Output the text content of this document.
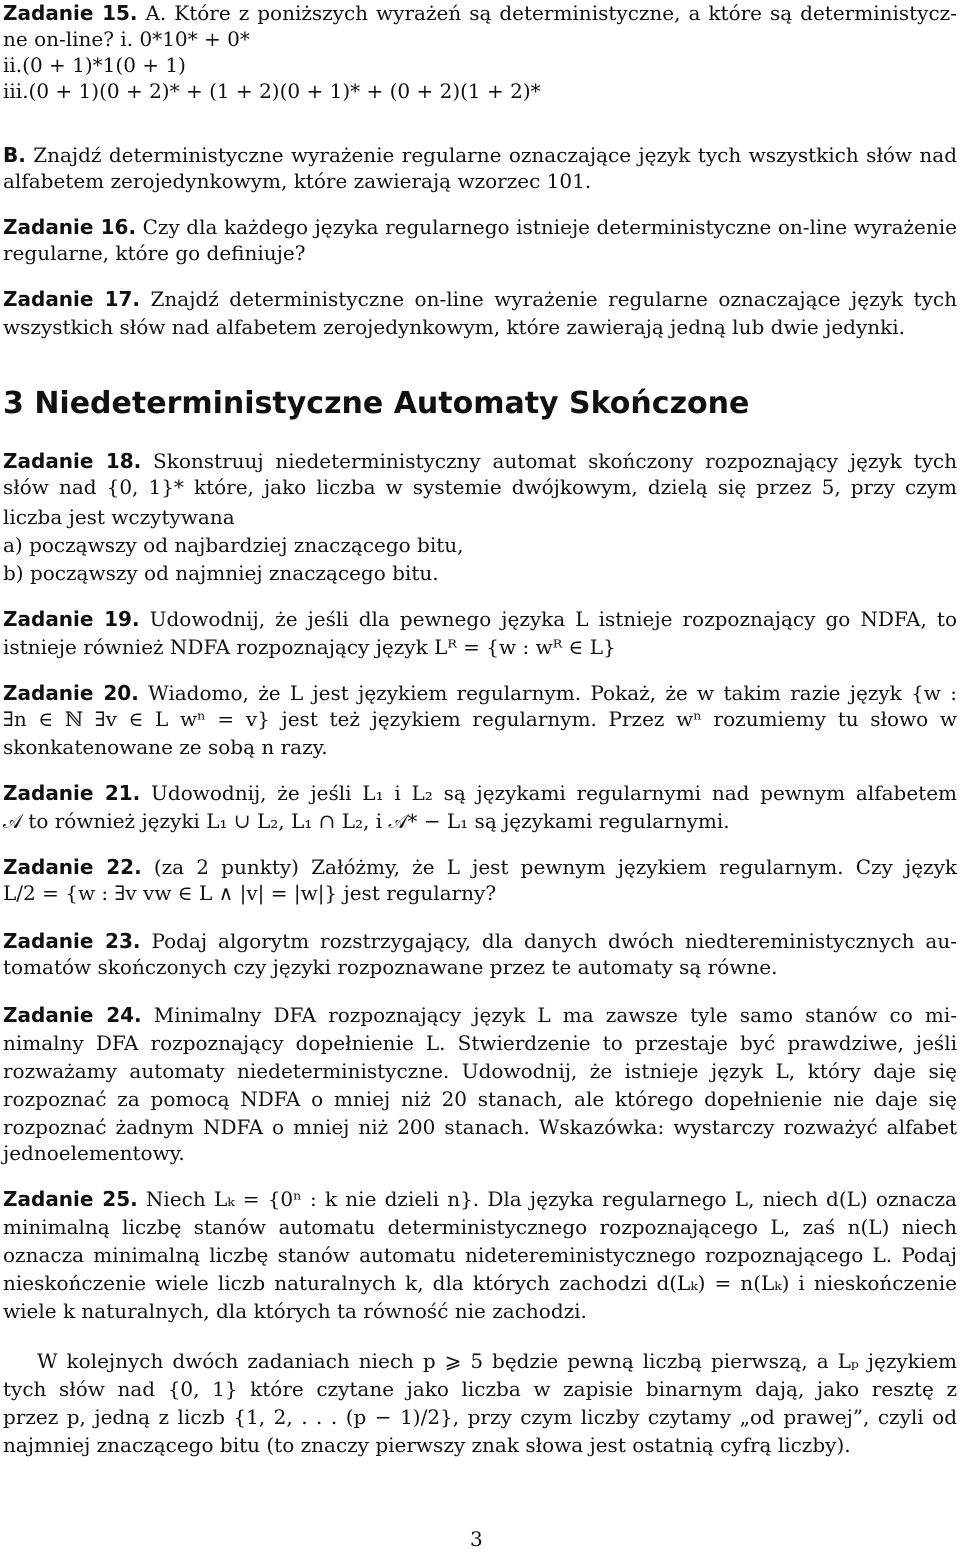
Zadanie 15. A. Które z poniższych wyrażeń są deterministyczne, a które są deterministycz-
ne on-line? i. 0*10* + 0*
ii.(0 + 1)*1(0 + 1)
iii.(0 + 1)(0 + 2)* + (1 + 2)(0 + 1)* + (0 + 2)(1 + 2)*
B. Znajdź deterministyczne wyrażenie regularne oznaczające język tych wszystkich słów nad
alfabetem zerojedynkowym, które zawierają wzorzec 101.
Zadanie 16. Czy dla każdego języka regularnego istnieje deterministyczne on-line wyrażenie
regularne, które go definiuje?
Zadanie 17. Znajdź deterministyczne on-line wyrażenie regularne oznaczające język tych
wszystkich słów nad alfabetem zerojedynkowym, które zawierają jedną lub dwie jedynki.
Zadanie 18. Skonstruuj niedeterministyczny automat skończony rozpoznający język tych
słów nad {0, 1}* które, jako liczba w systemie dwójkowym, dzielą się przez 5, przy czym
liczba jest wczytywana
a) począwszy od najbardziej znaczącego bitu,
b) począwszy od najmniej znaczącego bitu.
Zadanie 19. Udowodnij, że jeśli dla pewnego języka L istnieje rozpoznający go NDFA, to
istnieje również NDFA rozpoznający język Lᴿ = {w : wᴿ ∈ L}
Zadanie 20. Wiadomo, że L jest językiem regularnym. Pokaż, że w takim razie język {w :
∃n ∈ ℕ ∃v ∈ L wⁿ = v} jest też językiem regularnym. Przez wⁿ rozumiemy tu słowo w
skonkatenowane ze sobą n razy.
Zadanie 21. Udowodnij, że jeśli L₁ i L₂ są językami regularnymi nad pewnym alfabetem
𝒜 to również języki L₁ ∪ L₂, L₁ ∩ L₂, i 𝒜* − L₁ są językami regularnymi.
Zadanie 22. (za 2 punkty) Załóżmy, że L jest pewnym językiem regularnym. Czy język
L/2 = {w : ∃v vw ∈ L ∧ |v| = |w|} jest regularny?
Zadanie 23. Podaj algorytm rozstrzygający, dla danych dwóch niedtereministycznych au-
tomatów skończonych czy języki rozpoznawane przez te automaty są równe.
Zadanie 24. Minimalny DFA rozpoznający język L ma zawsze tyle samo stanów co mi-
nimalny DFA rozpoznający dopełnienie L. Stwierdzenie to przestaje być prawdziwe, jeśli
rozważamy automaty niedeterministyczne. Udowodnij, że istnieje język L, który daje się
rozpoznać za pomocą NDFA o mniej niż 20 stanach, ale którego dopełnienie nie daje się
rozpoznać żadnym NDFA o mniej niż 200 stanach. Wskazówka: wystarczy rozważyć alfabet
jednoelementowy.
Zadanie 25. Niech Lₖ = {0ⁿ : k nie dzieli n}. Dla języka regularnego L, niech d(L) oznacza
minimalną liczbę stanów automatu deterministycznego rozpoznającego L, zaś n(L) niech
oznacza minimalną liczbę stanów automatu nidetereministycznego rozpoznającego L. Podaj
nieskończenie wiele liczb naturalnych k, dla których zachodzi d(Lₖ) = n(Lₖ) i nieskończenie
wiele k naturalnych, dla których ta równość nie zachodzi.
W kolejnych dwóch zadaniach niech p ⩾ 5 będzie pewną liczbą pierwszą, a Lₚ językiem
tych słów nad {0, 1} które czytane jako liczba w zapisie binarnym dają, jako resztę z
przez p, jedną z liczb {1, 2, . . . (p − 1)/2}, przy czym liczby czytamy „od prawej”, czyli od
najmniej znaczącego bitu (to znaczy pierwszy znak słowa jest ostatnią cyfrą liczby).
3 Niedeterministyczne Automaty Skończone
3
